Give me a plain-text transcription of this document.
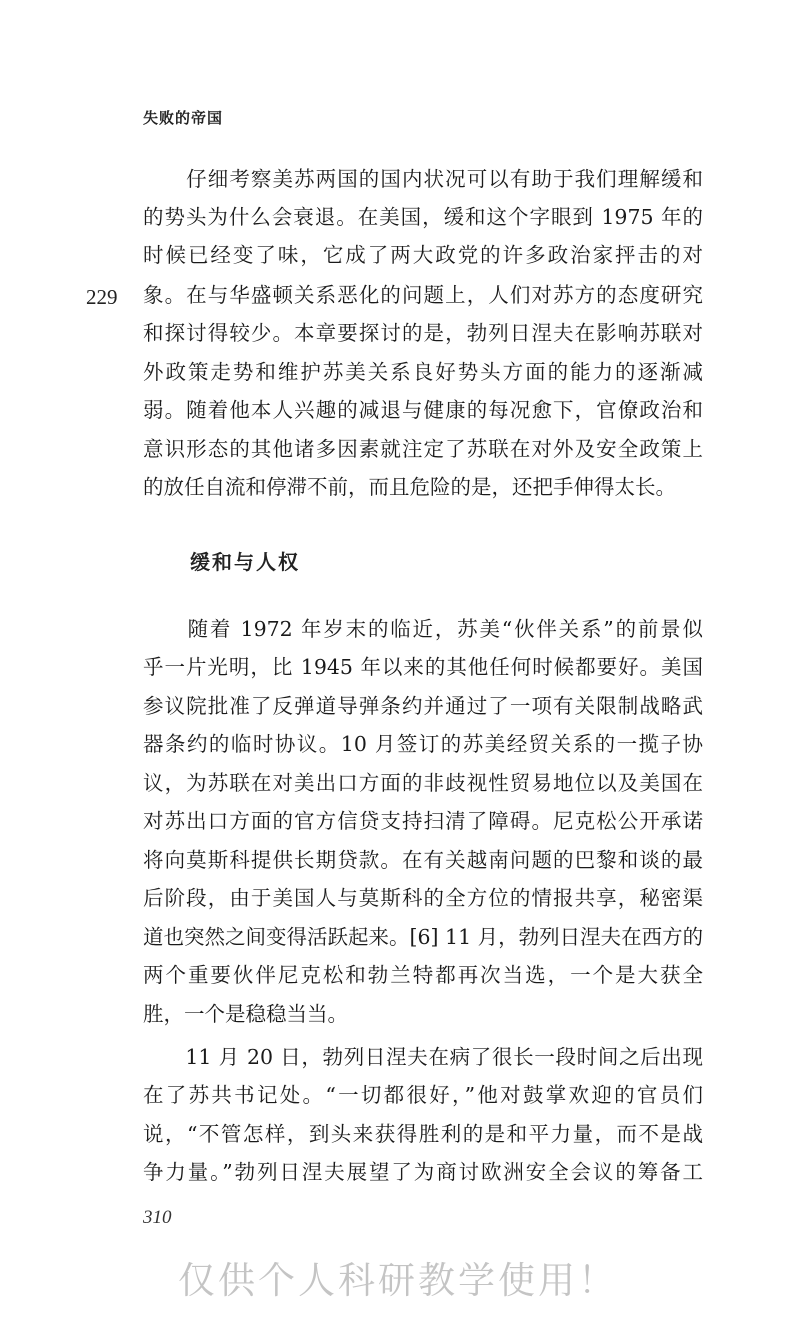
失败的帝国
229
　　仔细考察美苏两国的国内状况可以有助于我们理解缓和
的势头为什么会衰退。在美国，缓和这个字眼到 1975 年的
时候已经变了味，它成了两大政党的许多政治家抨击的对
象。在与华盛顿关系恶化的问题上，人们对苏方的态度研究
和探讨得较少。本章要探讨的是，勃列日涅夫在影响苏联对
外政策走势和维护苏美关系良好势头方面的能力的逐渐减
弱。随着他本人兴趣的减退与健康的每况愈下，官僚政治和
意识形态的其他诸多因素就注定了苏联在对外及安全政策上
的放任自流和停滞不前，而且危险的是，还把手伸得太长。
缓和与人权
　　随着 1972 年岁末的临近，苏美“伙伴关系”的前景似
乎一片光明，比 1945 年以来的其他任何时候都要好。美国
参议院批准了反弹道导弹条约并通过了一项有关限制战略武
器条约的临时协议。10 月签订的苏美经贸关系的一揽子协
议，为苏联在对美出口方面的非歧视性贸易地位以及美国在
对苏出口方面的官方信贷支持扫清了障碍。尼克松公开承诺
将向莫斯科提供长期贷款。在有关越南问题的巴黎和谈的最
后阶段，由于美国人与莫斯科的全方位的情报共享，秘密渠
道也突然之间变得活跃起来。[6] 11 月，勃列日涅夫在西方的
两个重要伙伴尼克松和勃兰特都再次当选，一个是大获全
胜，一个是稳稳当当。
　　11 月 20 日，勃列日涅夫在病了很长一段时间之后出现
在了苏共书记处。“一切都很好，”他对鼓掌欢迎的官员们
说，“不管怎样，到头来获得胜利的是和平力量，而不是战
争力量。”勃列日涅夫展望了为商讨欧洲安全会议的筹备工
310
仅供个人科研教学使用！
